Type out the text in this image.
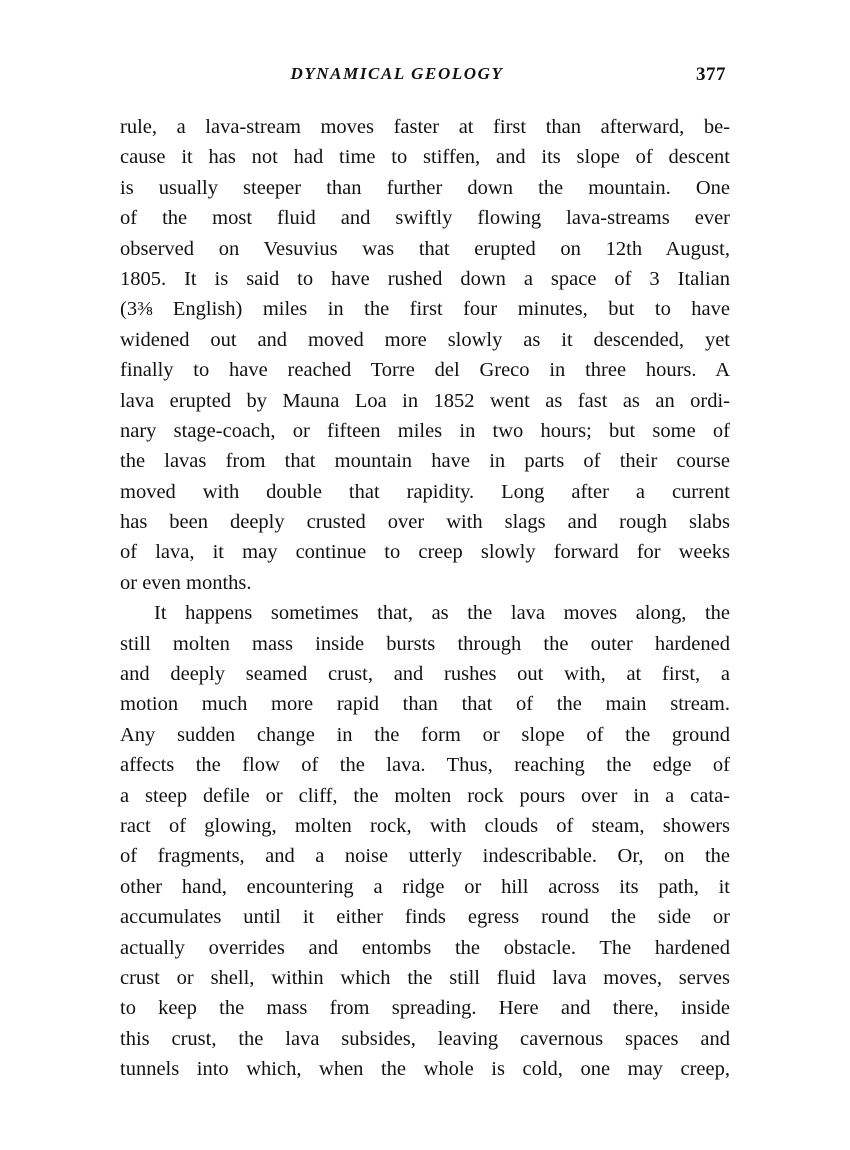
DYNAMICAL GEOLOGY	377
rule, a lava-stream moves faster at first than afterward, be-
cause it has not had time to stiffen, and its slope of descent
is usually steeper than further down the mountain. One
of the most fluid and swiftly flowing lava-streams ever
observed on Vesuvius was that erupted on 12th August,
1805. It is said to have rushed down a space of 3 Italian
(3⅜ English) miles in the first four minutes, but to have
widened out and moved more slowly as it descended, yet
finally to have reached Torre del Greco in three hours. A
lava erupted by Mauna Loa in 1852 went as fast as an ordi-
nary stage-coach, or fifteen miles in two hours; but some of
the lavas from that mountain have in parts of their course
moved with double that rapidity. Long after a current
has been deeply crusted over with slags and rough slabs
of lava, it may continue to creep slowly forward for weeks
or even months.
It happens sometimes that, as the lava moves along, the
still molten mass inside bursts through the outer hardened
and deeply seamed crust, and rushes out with, at first, a
motion much more rapid than that of the main stream.
Any sudden change in the form or slope of the ground
affects the flow of the lava. Thus, reaching the edge of
a steep defile or cliff, the molten rock pours over in a cata-
ract of glowing, molten rock, with clouds of steam, showers
of fragments, and a noise utterly indescribable. Or, on the
other hand, encountering a ridge or hill across its path, it
accumulates until it either finds egress round the side or
actually overrides and entombs the obstacle. The hardened
crust or shell, within which the still fluid lava moves, serves
to keep the mass from spreading. Here and there, inside
this crust, the lava subsides, leaving cavernous spaces and
tunnels into which, when the whole is cold, one may creep,
